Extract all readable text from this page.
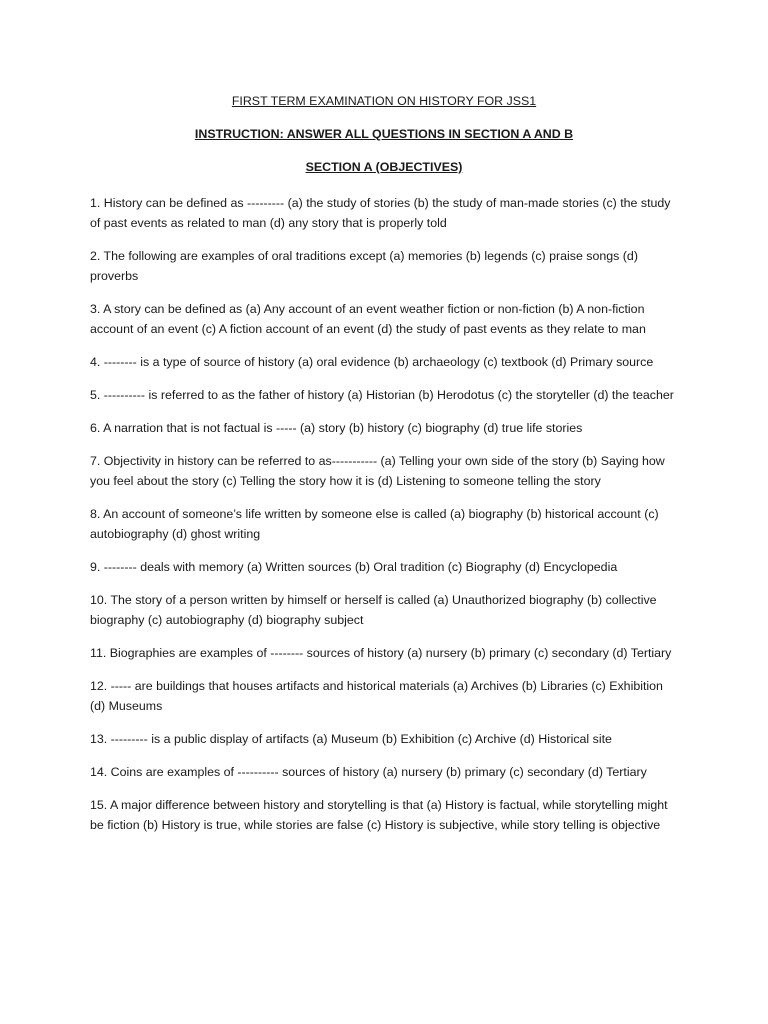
FIRST TERM EXAMINATION ON HISTORY FOR JSS1
INSTRUCTION: ANSWER ALL QUESTIONS IN SECTION A AND B
SECTION A (OBJECTIVES)

1. History can be defined as --------- (a) the study of stories (b) the study of man-made stories (c) the study of past events as related to man (d) any story that is properly told

2. The following are examples of oral traditions except (a) memories (b) legends (c) praise songs (d) proverbs

3. A story can be defined as (a) Any account of an event weather fiction or non-fiction (b) A non-fiction account of an event (c) A fiction account of an event (d) the study of past events as they relate to man

4. -------- is a type of source of history (a) oral evidence (b) archaeology (c) textbook (d) Primary source

5. ---------- is referred to as the father of history (a) Historian (b) Herodotus (c) the storyteller (d) the teacher

6. A narration that is not factual is ----- (a) story (b) history (c) biography (d) true life stories

7. Objectivity in history can be referred to as----------- (a) Telling your own side of the story (b) Saying how you feel about the story (c) Telling the story how it is (d) Listening to someone telling the story

8. An account of someone’s life written by someone else is called (a) biography (b) historical account (c) autobiography (d) ghost writing

9. -------- deals with memory (a) Written sources (b) Oral tradition (c) Biography (d) Encyclopedia

10. The story of a person written by himself or herself is called (a) Unauthorized biography (b) collective biography (c) autobiography (d) biography subject

11. Biographies are examples of -------- sources of history (a) nursery (b) primary (c) secondary (d) Tertiary

12. ----- are buildings that houses artifacts and historical materials (a) Archives (b) Libraries (c) Exhibition (d) Museums

13. --------- is a public display of artifacts (a) Museum (b) Exhibition (c) Archive (d) Historical site

14. Coins are examples of ---------- sources of history (a) nursery (b) primary (c) secondary (d) Tertiary

15. A major difference between history and storytelling is that (a) History is factual, while storytelling might be fiction (b) History is true, while stories are false (c) History is subjective, while story telling is objective
